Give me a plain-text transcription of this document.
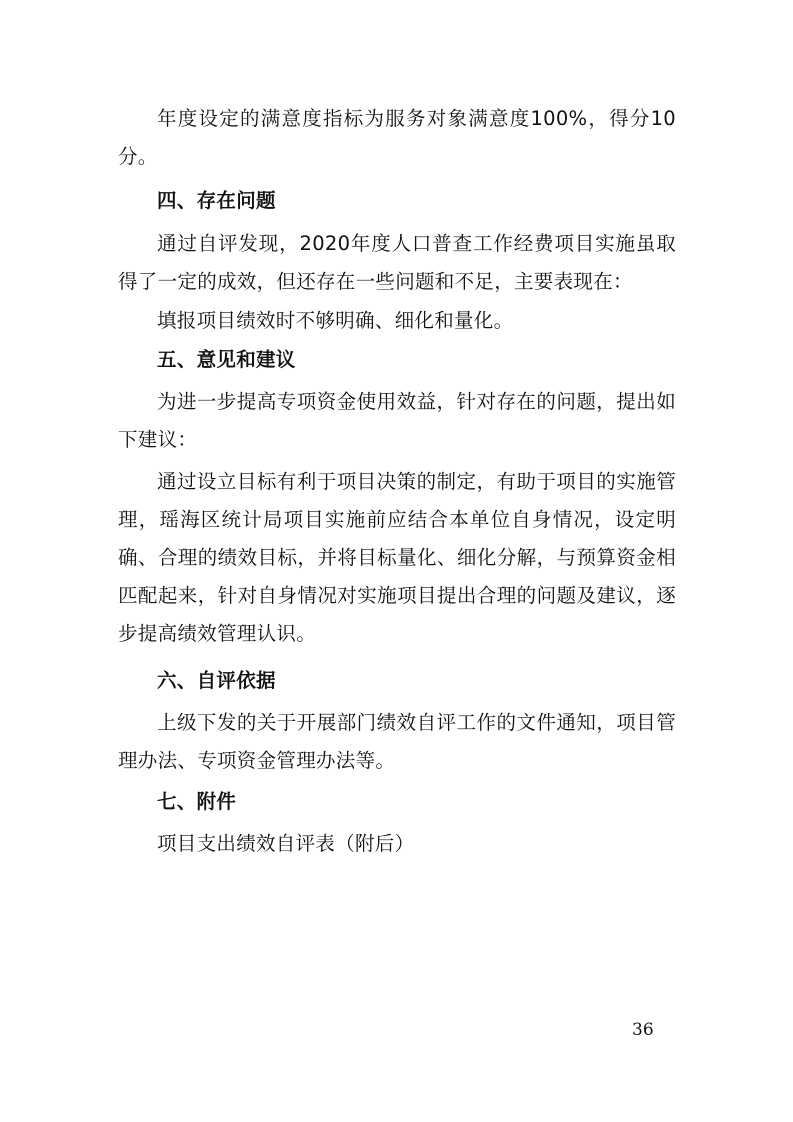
年度设定的满意度指标为服务对象满意度100%，得分10分。

四、存在问题

通过自评发现，2020年度人口普查工作经费项目实施虽取得了一定的成效，但还存在一些问题和不足，主要表现在：

填报项目绩效时不够明确、细化和量化。

五、意见和建议

为进一步提高专项资金使用效益，针对存在的问题，提出如下建议：

通过设立目标有利于项目决策的制定，有助于项目的实施管理，瑶海区统计局项目实施前应结合本单位自身情况，设定明确、合理的绩效目标，并将目标量化、细化分解，与预算资金相匹配起来，针对自身情况对实施项目提出合理的问题及建议，逐步提高绩效管理认识。

六、自评依据

上级下发的关于开展部门绩效自评工作的文件通知，项目管理办法、专项资金管理办法等。

七、附件

项目支出绩效自评表（附后）

36
